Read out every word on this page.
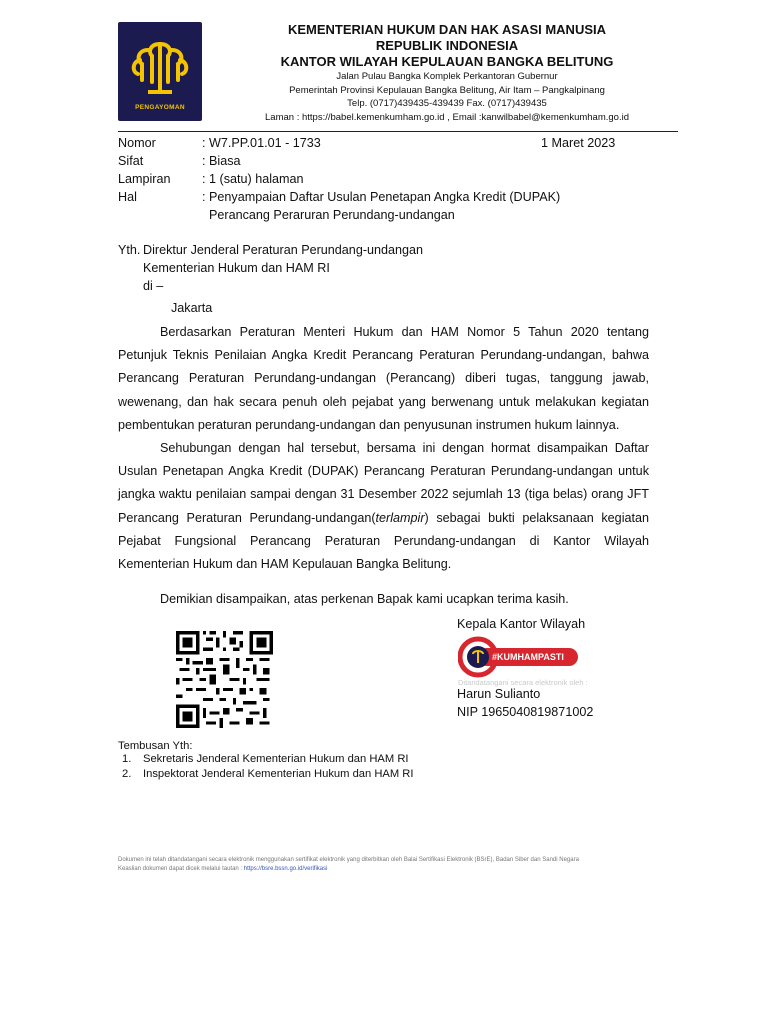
PENGAYOMAN
KEMENTERIAN HUKUM DAN HAK ASASI MANUSIA
REPUBLIK INDONESIA
KANTOR WILAYAH KEPULAUAN BANGKA BELITUNG
Jalan Pulau Bangka Komplek Perkantoran Gubernur
Pemerintah Provinsi Kepulauan Bangka Belitung, Air Itam – Pangkalpinang
Telp. (0717)439435-439439 Fax. (0717)439435
Laman : https://babel.kemenkumham.go.id , Email :kanwilbabel@kemenkumham.go.id
Nomor	: W7.PP.01.01 - 1733	1 Maret 2023
Sifat	: Biasa
Lampiran : 1 (satu) halaman
Hal	: Penyampaian Daftar Usulan Penetapan Angka Kredit (DUPAK)
Perancang Peraruran Perundang-undangan
Yth. Direktur Jenderal Peraturan Perundang-undangan
Kementerian Hukum dan HAM RI
di –
Jakarta
Berdasarkan Peraturan Menteri Hukum dan HAM Nomor 5 Tahun 2020 tentang Petunjuk Teknis Penilaian Angka Kredit Perancang Peraturan Perundang-undangan, bahwa Perancang Peraturan Perundang-undangan (Perancang) diberi tugas, tanggung jawab, wewenang, dan hak secara penuh oleh pejabat yang berwenang untuk melakukan kegiatan pembentukan peraturan perundang-undangan dan penyusunan instrumen hukum lainnya.
Sehubungan dengan hal tersebut, bersama ini dengan hormat disampaikan Daftar Usulan Penetapan Angka Kredit (DUPAK) Perancang Peraturan Perundang-undangan untuk jangka waktu penilaian sampai dengan 31 Desember 2022 sejumlah 13 (tiga belas) orang JFT Perancang Peraturan Perundang-undangan(terlampir) sebagai bukti pelaksanaan kegiatan Pejabat Fungsional Perancang Peraturan Perundang-undangan di Kantor Wilayah Kementerian Hukum dan HAM Kepulauan Bangka Belitung.
Demikian disampaikan, atas perkenan Bapak kami ucapkan terima kasih.
Kepala Kantor Wilayah
#KUMHAMPASTI
Ditandatangani secara elektronik oleh :
Harun Sulianto
NIP 1965040819871002
Tembusan Yth:
1. Sekretaris Jenderal Kementerian Hukum dan HAM RI
2. Inspektorat Jenderal Kementerian Hukum dan HAM RI
Dokumen ini telah ditandatangani secara elektronik menggunakan sertifikat elektronik yang diterbitkan oleh Balai Sertifikasi Elektronik (BSrE), Badan Siber dan Sandi Negara
Keaslian dokumen dapat dicek melalui tautan : https://bsre.bssn.go.id/verifikasi
